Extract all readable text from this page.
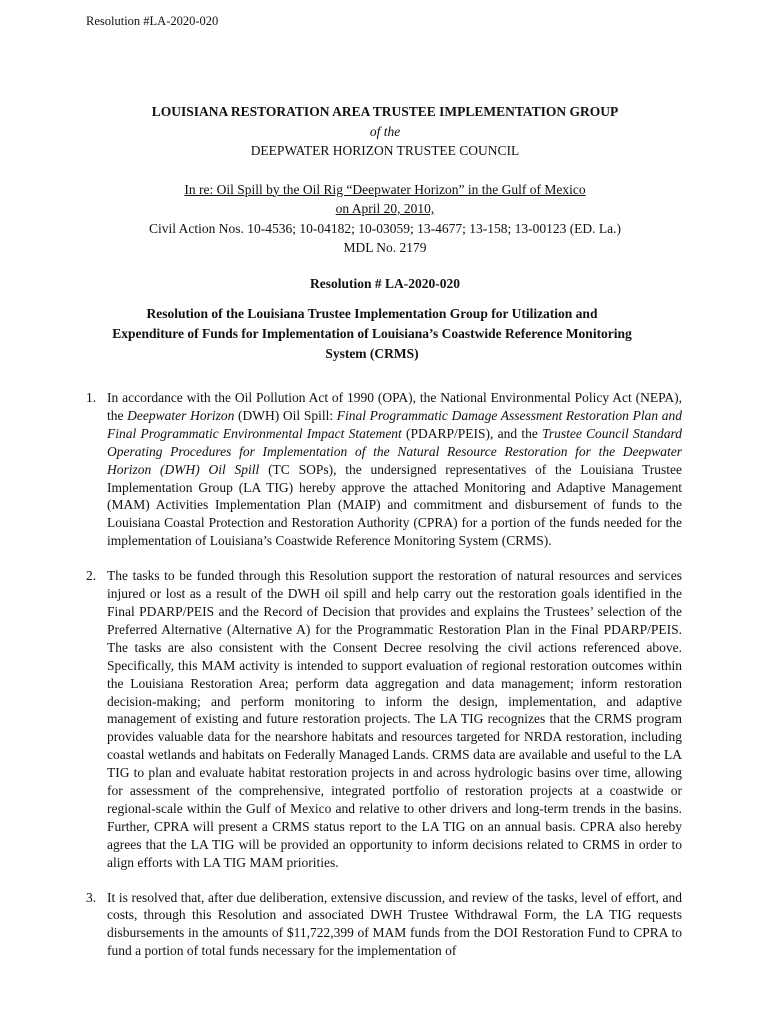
Resolution #LA-2020-020
LOUISIANA RESTORATION AREA TRUSTEE IMPLEMENTATION GROUP
of the
DEEPWATER HORIZON TRUSTEE COUNCIL
In re: Oil Spill by the Oil Rig “Deepwater Horizon” in the Gulf of Mexico
on April 20, 2010,
Civil Action Nos. 10-4536; 10-04182; 10-03059; 13-4677; 13-158; 13-00123 (ED. La.)
MDL No. 2179
Resolution # LA-2020-020
Resolution of the Louisiana Trustee Implementation Group for Utilization and Expenditure of Funds for Implementation of Louisiana’s Coastwide Reference Monitoring System (CRMS)
1. In accordance with the Oil Pollution Act of 1990 (OPA), the National Environmental Policy Act (NEPA), the Deepwater Horizon (DWH) Oil Spill: Final Programmatic Damage Assessment Restoration Plan and Final Programmatic Environmental Impact Statement (PDARP/PEIS), and the Trustee Council Standard Operating Procedures for Implementation of the Natural Resource Restoration for the Deepwater Horizon (DWH) Oil Spill (TC SOPs), the undersigned representatives of the Louisiana Trustee Implementation Group (LA TIG) hereby approve the attached Monitoring and Adaptive Management (MAM) Activities Implementation Plan (MAIP) and commitment and disbursement of funds to the Louisiana Coastal Protection and Restoration Authority (CPRA) for a portion of the funds needed for the implementation of Louisiana’s Coastwide Reference Monitoring System (CRMS).
2. The tasks to be funded through this Resolution support the restoration of natural resources and services injured or lost as a result of the DWH oil spill and help carry out the restoration goals identified in the Final PDARP/PEIS and the Record of Decision that provides and explains the Trustees’ selection of the Preferred Alternative (Alternative A) for the Programmatic Restoration Plan in the Final PDARP/PEIS. The tasks are also consistent with the Consent Decree resolving the civil actions referenced above. Specifically, this MAM activity is intended to support evaluation of regional restoration outcomes within the Louisiana Restoration Area; perform data aggregation and data management; inform restoration decision-making; and perform monitoring to inform the design, implementation, and adaptive management of existing and future restoration projects. The LA TIG recognizes that the CRMS program provides valuable data for the nearshore habitats and resources targeted for NRDA restoration, including coastal wetlands and habitats on Federally Managed Lands. CRMS data are available and useful to the LA TIG to plan and evaluate habitat restoration projects in and across hydrologic basins over time, allowing for assessment of the comprehensive, integrated portfolio of restoration projects at a coastwide or regional-scale within the Gulf of Mexico and relative to other drivers and long-term trends in the basins. Further, CPRA will present a CRMS status report to the LA TIG on an annual basis. CPRA also hereby agrees that the LA TIG will be provided an opportunity to inform decisions related to CRMS in order to align efforts with LA TIG MAM priorities.
3. It is resolved that, after due deliberation, extensive discussion, and review of the tasks, level of effort, and costs, through this Resolution and associated DWH Trustee Withdrawal Form, the LA TIG requests disbursements in the amounts of $11,722,399 of MAM funds from the DOI Restoration Fund to CPRA to fund a portion of total funds necessary for the implementation of
